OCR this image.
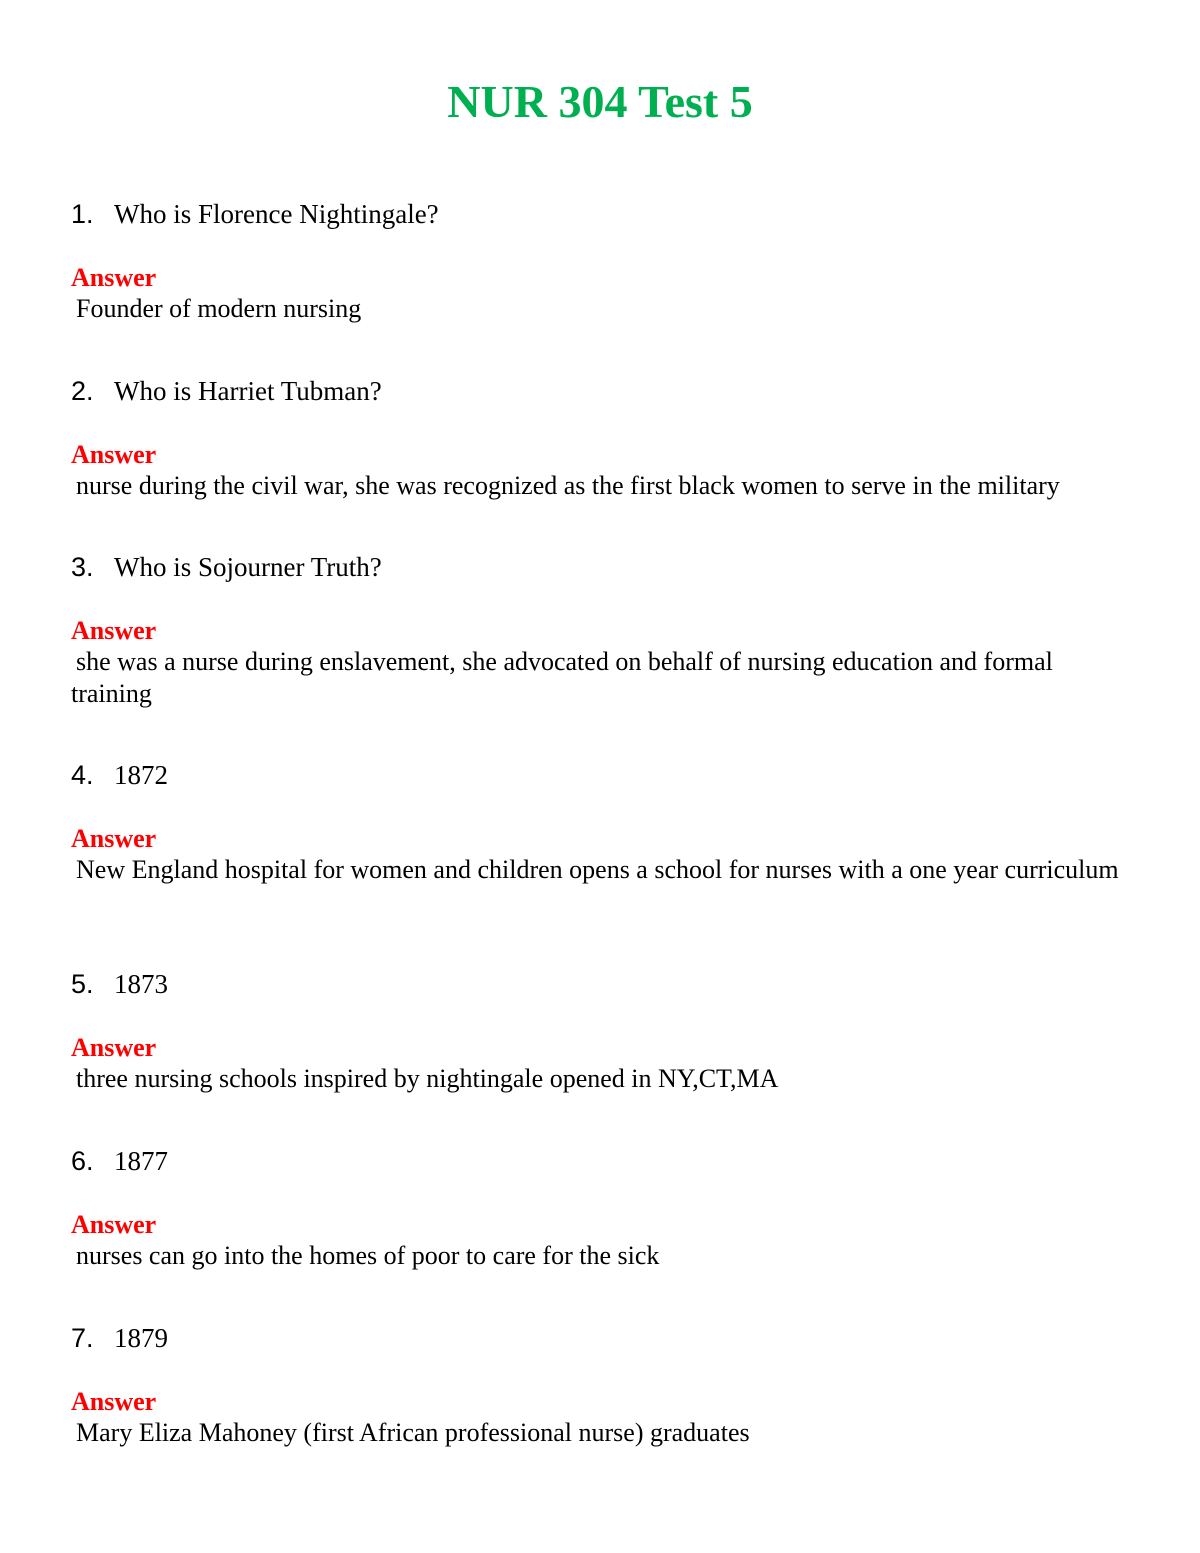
NUR 304 Test 5
1. Who is Florence Nightingale?
Answer
Founder of modern nursing
2. Who is Harriet Tubman?
Answer
nurse during the civil war, she was recognized as the first black women to serve in the military
3. Who is Sojourner Truth?
Answer
she was a nurse during enslavement, she advocated on behalf of nursing education and formal training
4. 1872
Answer
New England hospital for women and children opens a school for nurses with a one year curriculum
5. 1873
Answer
three nursing schools inspired by nightingale opened in NY,CT,MA
6. 1877
Answer
nurses can go into the homes of poor to care for the sick
7. 1879
Answer
Mary Eliza Mahoney (first African professional nurse) graduates
